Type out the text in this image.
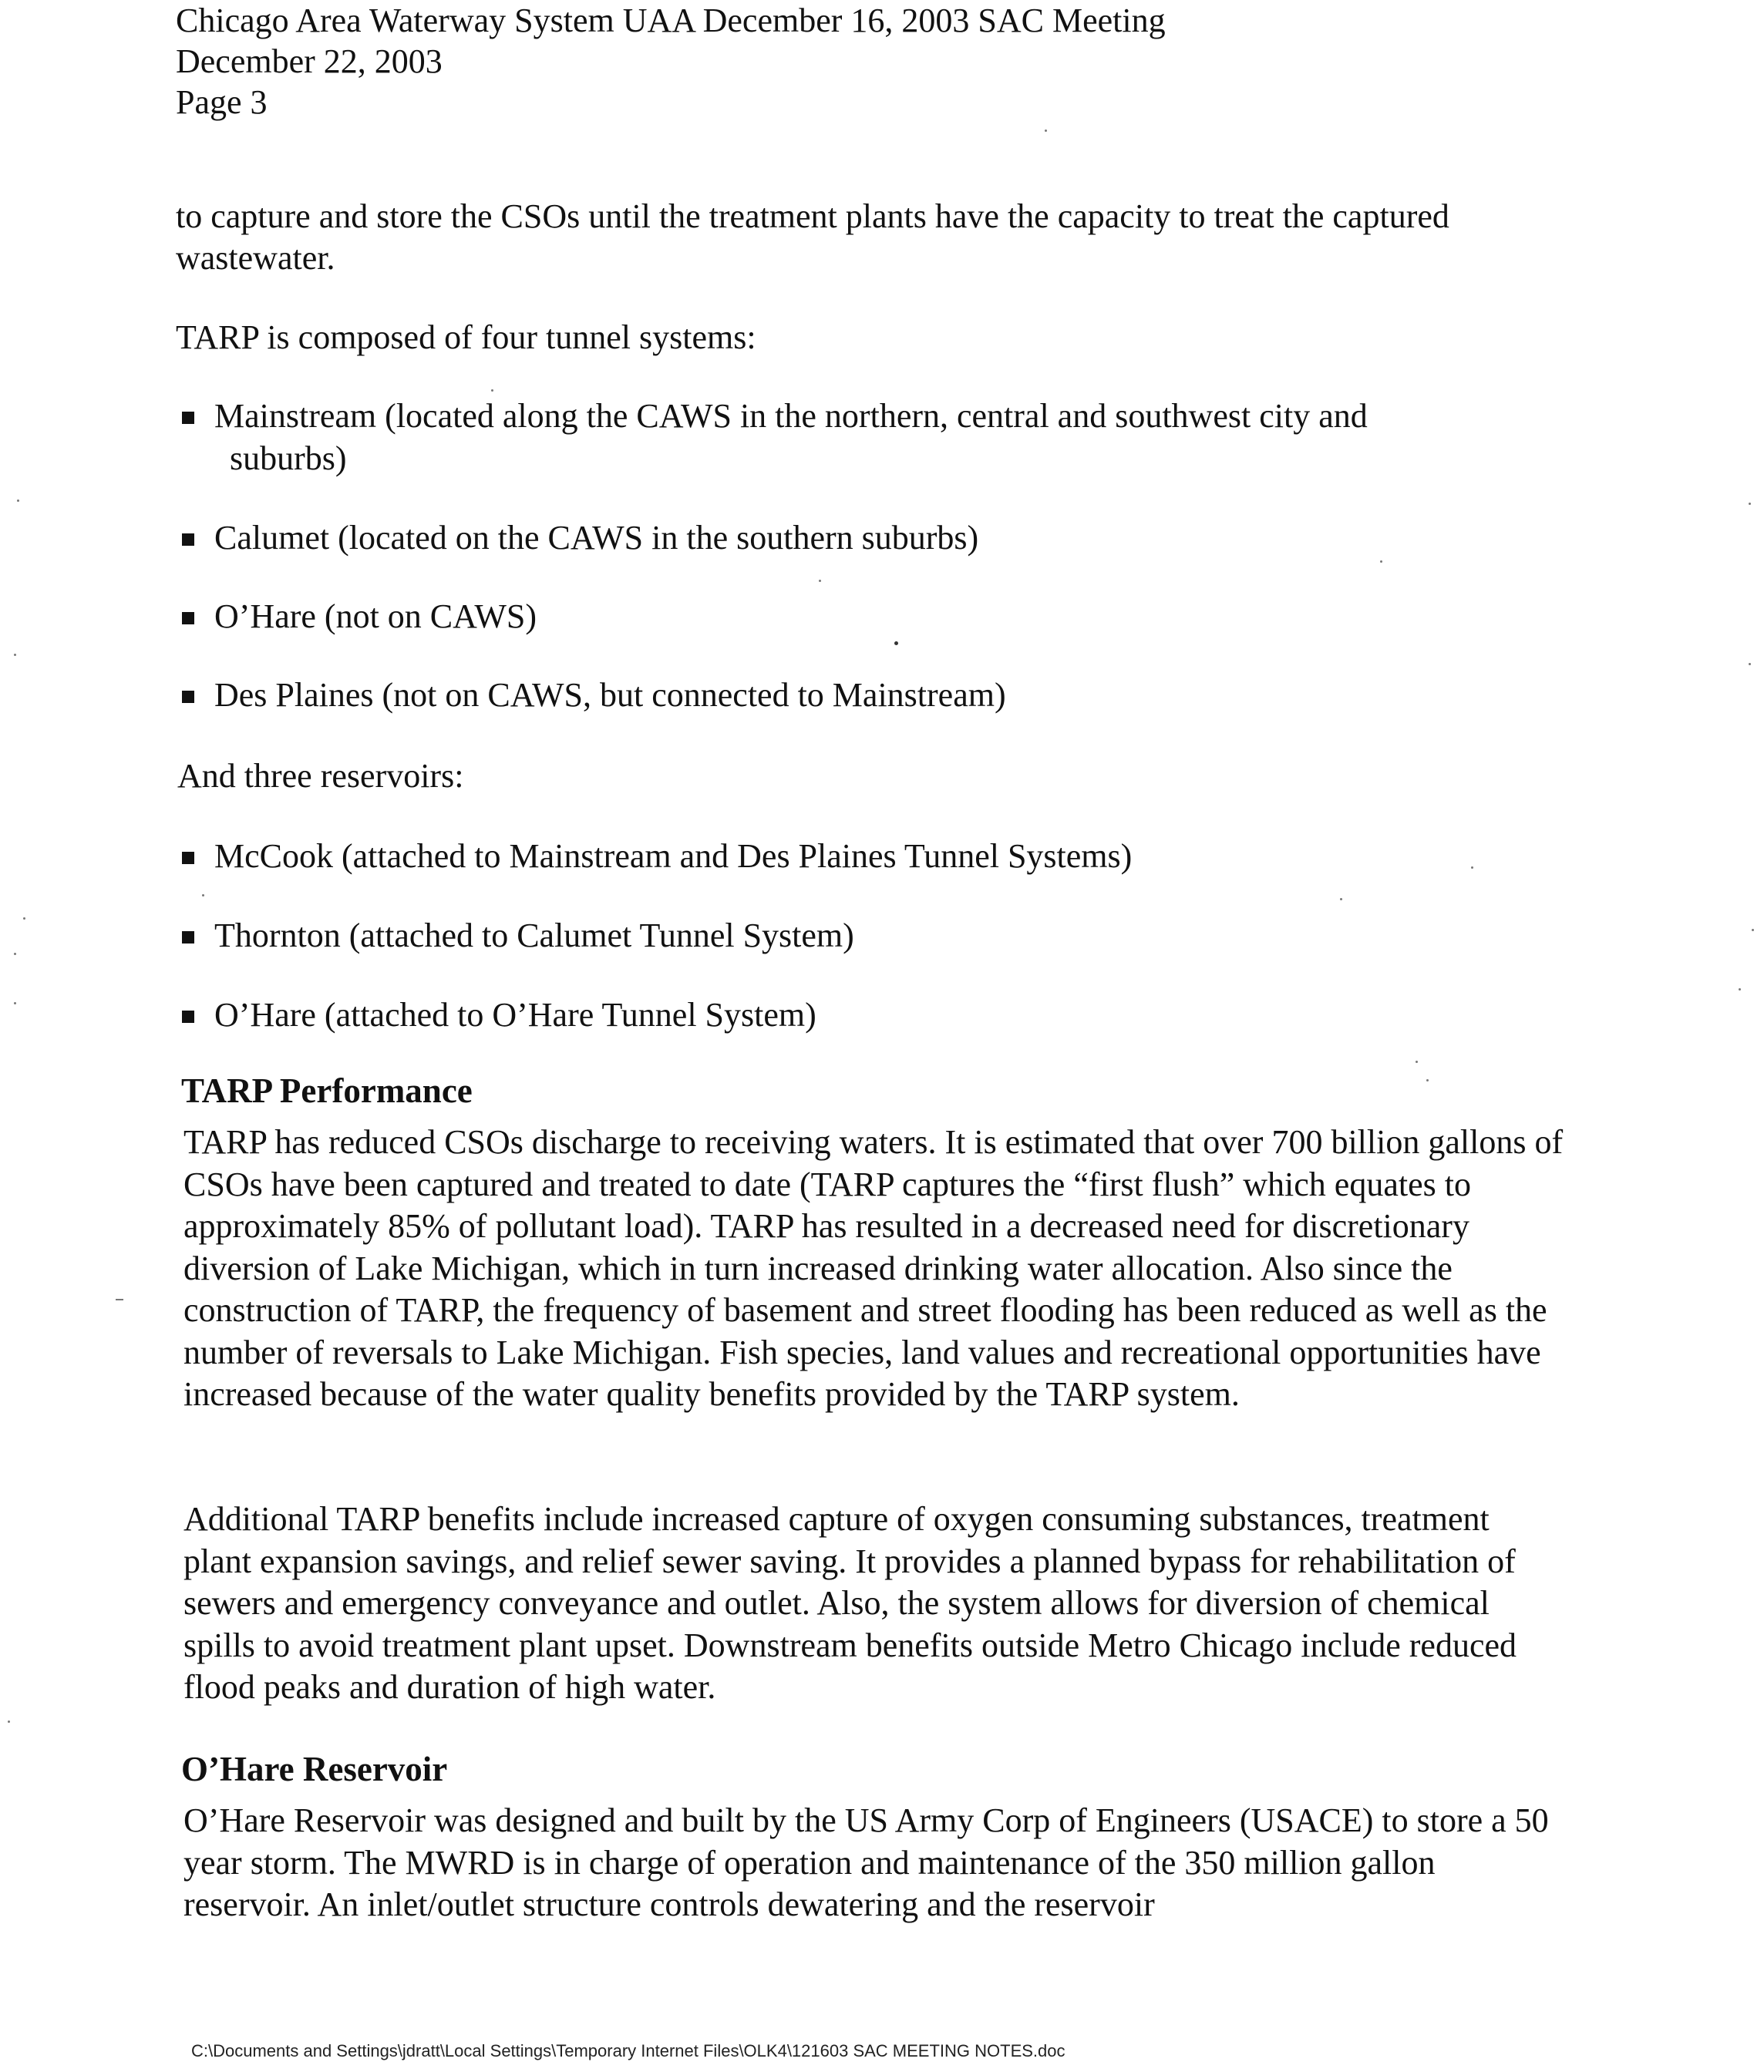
Chicago Area Waterway System UAA December 16, 2003 SAC Meeting
December 22, 2003
Page 3
to capture and store the CSOs until the treatment plants have the capacity to treat the captured wastewater.
TARP is composed of four tunnel systems:
Mainstream (located along the CAWS in the northern, central and southwest city and
suburbs)
Calumet (located on the CAWS in the southern suburbs)
O’Hare (not on CAWS)
Des Plaines (not on CAWS, but connected to Mainstream)
And three reservoirs:
McCook (attached to Mainstream and Des Plaines Tunnel Systems)
Thornton (attached to Calumet Tunnel System)
O’Hare (attached to O’Hare Tunnel System)
TARP Performance
TARP has reduced CSOs discharge to receiving waters. It is estimated that over 700 billion gallons of CSOs have been captured and treated to date (TARP captures the “first flush” which equates to approximately 85% of pollutant load). TARP has resulted in a decreased need for discretionary diversion of Lake Michigan, which in turn increased drinking water allocation. Also since the construction of TARP, the frequency of basement and street flooding has been reduced as well as the number of reversals to Lake Michigan. Fish species, land values and recreational opportunities have increased because of the water quality benefits provided by the TARP system.
Additional TARP benefits include increased capture of oxygen consuming substances, treatment plant expansion savings, and relief sewer saving. It provides a planned bypass for rehabilitation of sewers and emergency conveyance and outlet. Also, the system allows for diversion of chemical spills to avoid treatment plant upset. Downstream benefits outside Metro Chicago include reduced flood peaks and duration of high water.
O’Hare Reservoir
O’Hare Reservoir was designed and built by the US Army Corp of Engineers (USACE) to store a 50 year storm. The MWRD is in charge of operation and maintenance of the 350 million gallon reservoir. An inlet/outlet structure controls dewatering and the reservoir
C:\Documents and Settings\jdratt\Local Settings\Temporary Internet Files\OLK4\121603 SAC MEETING NOTES.doc
